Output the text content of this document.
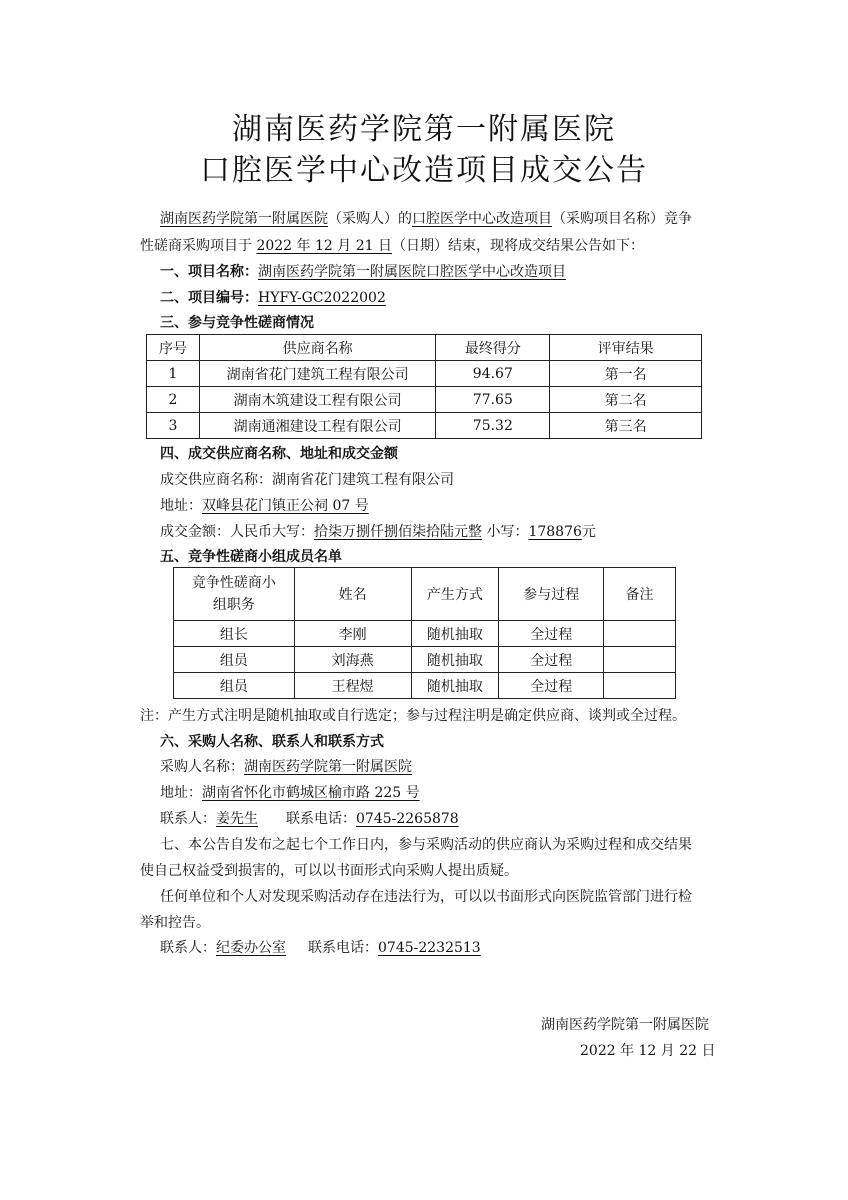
湖南医药学院第一附属医院
口腔医学中心改造项目成交公告
湖南医药学院第一附属医院（采购人）的口腔医学中心改造项目（采购项目名称）竞争
性磋商采购项目于 2022 年 12 月 21 日（日期）结束，现将成交结果公告如下：
一、项目名称：湖南医药学院第一附属医院口腔医学中心改造项目
二、项目编号：HYFY-GC2022002
三、参与竞争性磋商情况
序号	供应商名称	最终得分	评审结果
1	湖南省花门建筑工程有限公司	94.67	第一名
2	湖南木筑建设工程有限公司	77.65	第二名
3	湖南通湘建设工程有限公司	75.32	第三名
四、成交供应商名称、地址和成交金额
成交供应商名称：湖南省花门建筑工程有限公司
地址：双峰县花门镇正公祠 07 号
成交金额：人民币大写：拾柒万捌仟捌佰柒拾陆元整 小写：178876元
五、竞争性磋商小组成员名单
竞争性磋商小
组职务	姓名	产生方式	参与过程	备注
组长	李刚	随机抽取	全过程	
组员	刘海燕	随机抽取	全过程	
组员	王程煜	随机抽取	全过程	
注：产生方式注明是随机抽取或自行选定；参与过程注明是确定供应商、谈判或全过程。
六、采购人名称、联系人和联系方式
采购人名称：湖南医药学院第一附属医院
地址：湖南省怀化市鹤城区榆市路 225 号
联系人：姜先生 联系电话：0745-2265878
七、本公告自发布之起七个工作日内，参与采购活动的供应商认为采购过程和成交结果
使自己权益受到损害的，可以以书面形式向采购人提出质疑。
任何单位和个人对发现采购活动存在违法行为，可以以书面形式向医院监管部门进行检
举和控告。
联系人：纪委办公室 联系电话：0745-2232513
湖南医药学院第一附属医院
2022 年 12 月 22 日
